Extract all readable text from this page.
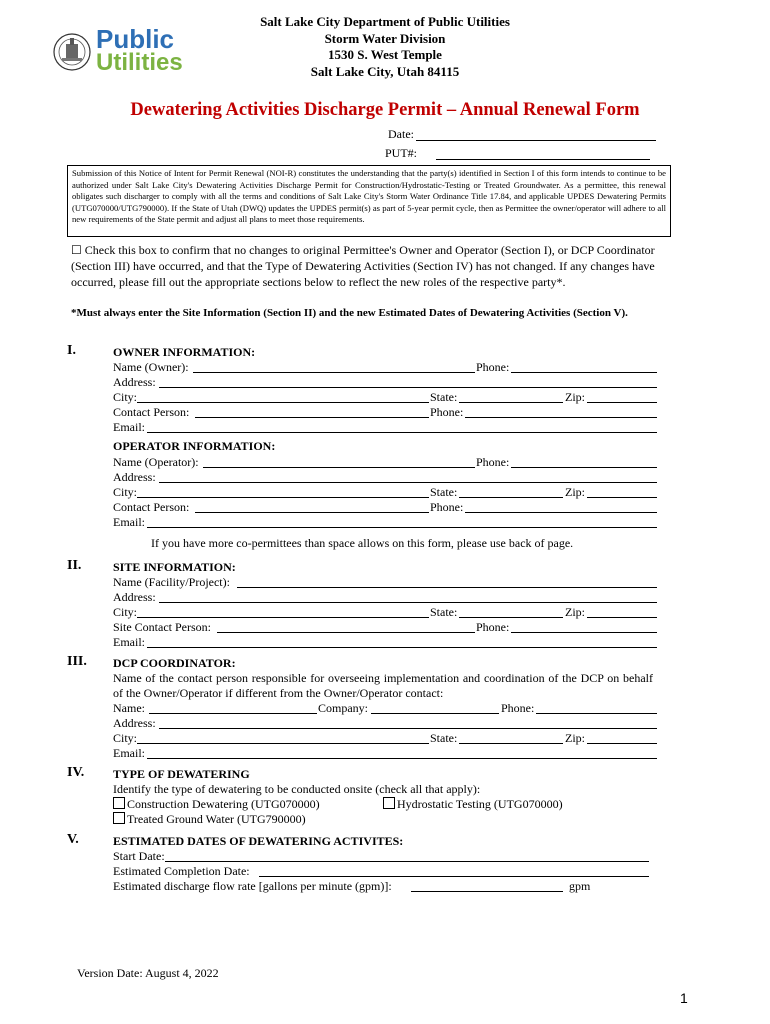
Salt Lake City Department of Public Utilities
Storm Water Division
1530 S. West Temple
Salt Lake City, Utah 84115
Public
Utilities
Dewatering Activities Discharge Permit – Annual Renewal Form
Date:
PUT#:
Submission of this Notice of Intent for Permit Renewal (NOI-R) constitutes the understanding that the party(s) identified in Section I of this form intends to continue to be authorized under Salt Lake City's Dewatering Activities Discharge Permit for Construction/Hydrostatic-Testing or Treated Groundwater. As a permittee, this renewal obligates such discharger to comply with all the terms and conditions of Salt Lake City's Storm Water Ordinance Title 17.84, and applicable UPDES Dewatering Permits (UTG070000/UTG790000). If the State of Utah (DWQ) updates the UPDES permit(s) as part of 5-year permit cycle, then as Permittee the owner/operator will adhere to all new requirements of the State permit and adjust all plans to meet those requirements.
☐ Check this box to confirm that no changes to original Permittee's Owner and Operator (Section I), or DCP Coordinator (Section III) have occurred, and that the Type of Dewatering Activities (Section IV) has not changed. If any changes have occurred, please fill out the appropriate sections below to reflect the new roles of the respective party*.
*Must always enter the Site Information (Section II) and the new Estimated Dates of Dewatering Activities (Section V).
I.	OWNER INFORMATION:
Name (Owner):	Phone:
Address:
City:	State:	Zip:
Contact Person:	Phone:
Email:
OPERATOR INFORMATION:
Name (Operator):	Phone:
Address:
City:	State:	Zip:
Contact Person:	Phone:
Email:
If you have more co-permittees than space allows on this form, please use back of page.
II.	SITE INFORMATION:
Name (Facility/Project):
Address:
City:	State:	Zip:
Site Contact Person:	Phone:
Email:
III. DCP COORDINATOR:
Name of the contact person responsible for overseeing implementation and coordination of the DCP on behalf of the Owner/Operator if different from the Owner/Operator contact:
Name:	Company:	Phone:
Address:
City:	State:	Zip:
Email:
IV. TYPE OF DEWATERING
Identify the type of dewatering to be conducted onsite (check all that apply):
Construction Dewatering (UTG070000)	Hydrostatic Testing (UTG070000)
Treated Ground Water (UTG790000)
V.	ESTIMATED DATES OF DEWATERING ACTIVITES:
Start Date:
Estimated Completion Date:
Estimated discharge flow rate [gallons per minute (gpm)]:	gpm
Version Date: August 4, 2022
1
